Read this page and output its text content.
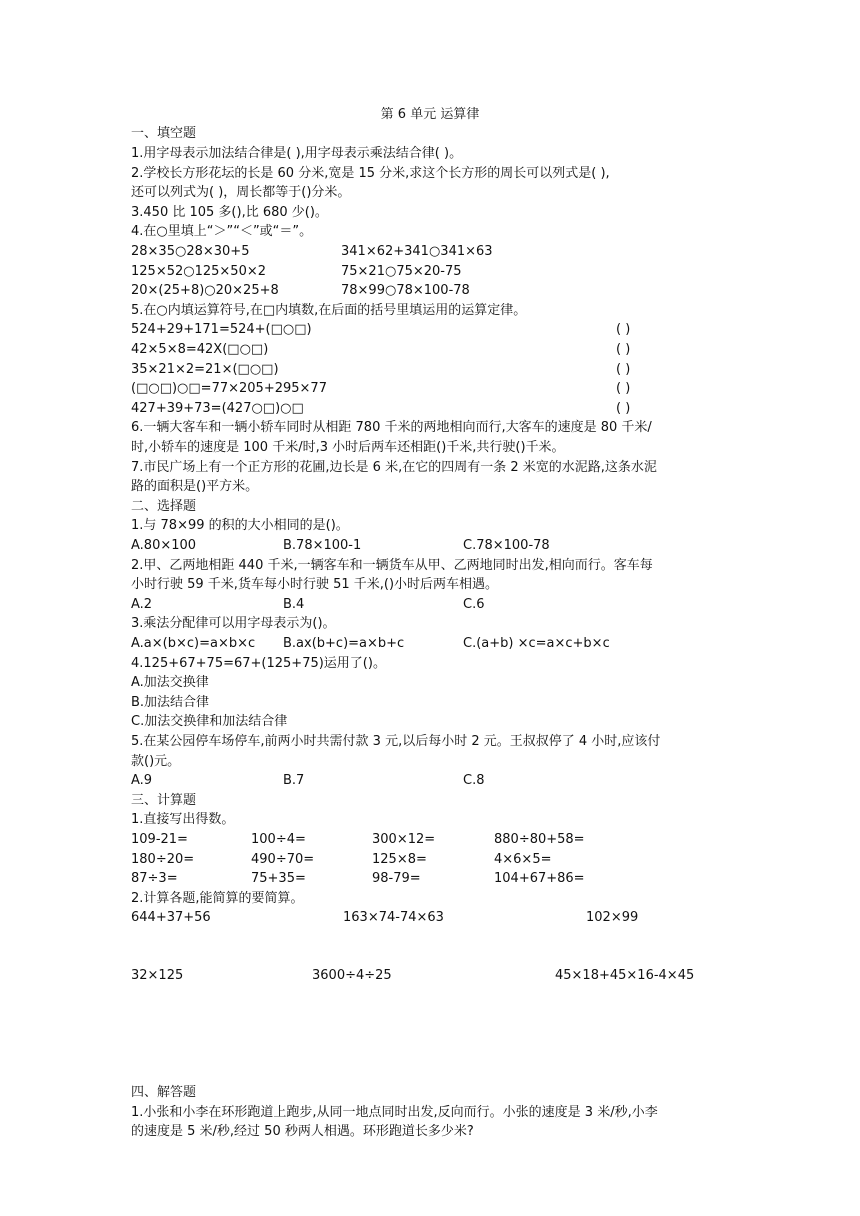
第 6 单元 运算律
一、填空题
1.用字母表示加法结合律是( ),用字母表示乘法结合律( )。
2.学校长方形花坛的长是 60 分米,宽是 15 分米,求这个长方形的周长可以列式是( ),
还可以列式为( )，周长都等于()分米。
3.450 比 105 多(),比 680 少()。
4.在○里填上“＞”“＜”或“＝”。
28×35○28×30+5	341×62+341○341×63
125×52○125×50×2	75×21○75×20-75
20×(25+8)○20×25+8	78×99○78×100-78
5.在○内填运算符号,在□内填数,在后面的括号里填运用的运算定律。
524+29+171=524+(□○□)	( )
42×5×8=42X(□○□)	( )
35×21×2=21×(□○□)	( )
(□○□)○□=77×205+295×77	( )
427+39+73=(427○□)○□	( )
6.一辆大客车和一辆小轿车同时从相距 780 千米的两地相向而行,大客车的速度是 80 千米/
时,小轿车的速度是 100 千米/时,3 小时后两车还相距()千米,共行驶()千米。
7.市民广场上有一个正方形的花圃,边长是 6 米,在它的四周有一条 2 米宽的水泥路,这条水泥
路的面积是()平方米。
二、选择题
1.与 78×99 的积的大小相同的是()。
A.80×100	B.78×100-1	C.78×100-78
2.甲、乙两地相距 440 千米,一辆客车和一辆货车从甲、乙两地同时出发,相向而行。客车每
小时行驶 59 千米,货车每小时行驶 51 千米,()小时后两车相遇。
A.2	B.4	C.6
3.乘法分配律可以用字母表示为()。
A.a×(b×c)=a×b×c B.ax(b+c)=a×b+c	C.(a+b) ×c=a×c+b×c
4.125+67+75=67+(125+75)运用了()。
A.加法交换律
B.加法结合律
C.加法交换律和加法结合律
5.在某公园停车场停车,前两小时共需付款 3 元,以后每小时 2 元。王叔叔停了 4 小时,应该付
款()元。
A.9	B.7	C.8
三、计算题
1.直接写出得数。
109-21=	100÷4=	300×12=	880÷80+58=
180÷20=	490÷70=	125×8=	4×6×5=
87÷3=	75+35=	98-79=	104+67+86=
2.计算各题,能简算的要简算。
644+37+56	163×74-74×63	102×99
32×125	3600÷4÷25	45×18+45×16-4×45
四、解答题
1.小张和小李在环形跑道上跑步,从同一地点同时出发,反向而行。小张的速度是 3 米/秒,小李
的速度是 5 米/秒,经过 50 秒两人相遇。环形跑道长多少米?
